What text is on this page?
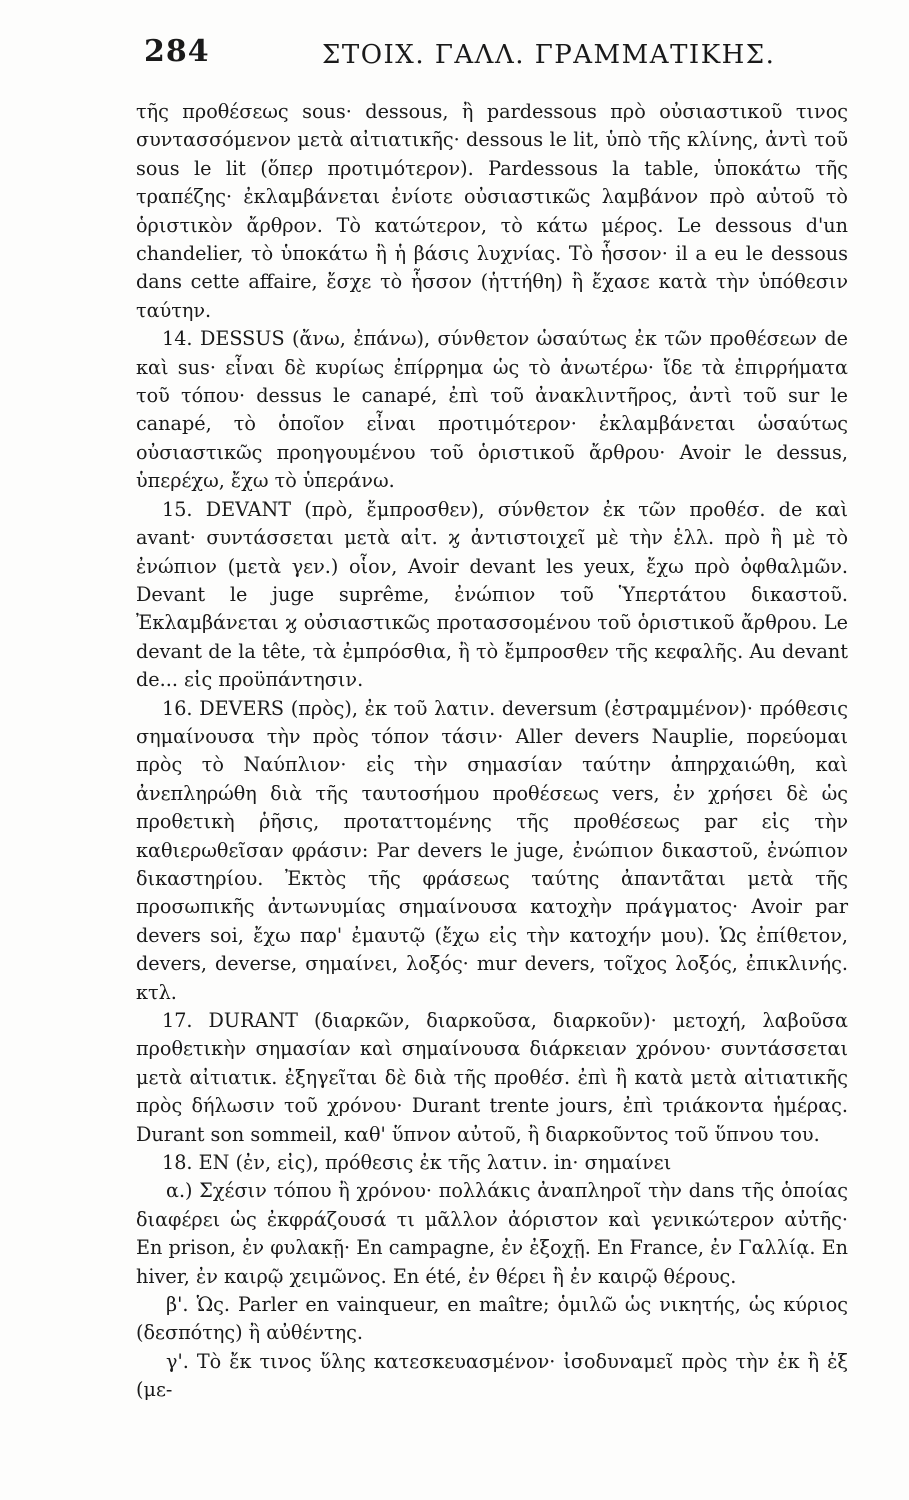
284	ΣΤΟΙΧ. ΓΑΛΛ. ΓΡΑΜΜΑΤΙΚΗΣ.

τῆς προθέσεως sous· dessous, ἢ pardessous πρὸ οὐσιαστικοῦ τινος συντασσόμενον μετὰ αἰτιατικῆς· dessous le lit, ὑπὸ τῆς κλίνης, ἀντὶ τοῦ sous le lit (ὅπερ προτιμότερον). Pardessous la table, ὑποκάτω τῆς τραπέζης· ἐκλαμβάνεται ἐνίοτε οὐσιαστικῶς λαμβάνον πρὸ αὐτοῦ τὸ ὁριστικὸν ἄρθρον. Τὸ κατώτερον, τὸ κάτω μέρος. Le dessous d'un chandelier, τὸ ὑποκάτω ἢ ἡ βάσις λυχνίας. Τὸ ἧσσον· il a eu le dessous dans cette affaire, ἔσχε τὸ ἧσσον (ἡττήθη) ἢ ἔχασε κατὰ τὴν ὑπόθεσιν ταύτην.

14. DESSUS (ἄνω, ἐπάνω), σύνθετον ὡσαύτως ἐκ τῶν προθέσεων de καὶ sus· εἶναι δὲ κυρίως ἐπίρρημα ὡς τὸ ἀνωτέρω· ἴδε τὰ ἐπιρρήματα τοῦ τόπου· dessus le canapé, ἐπὶ τοῦ ἀνακλιντῆρος, ἀντὶ τοῦ sur le canapé, τὸ ὁποῖον εἶναι προτιμότερον· ἐκλαμβάνεται ὡσαύτως οὐσιαστικῶς προηγουμένου τοῦ ὁριστικοῦ ἄρθρου· Avoir le dessus, ὑπερέχω, ἔχω τὸ ὑπεράνω.

15. DEVANT (πρὸ, ἔμπροσθεν), σύνθετον ἐκ τῶν προθέσ. de καὶ avant· συντάσσεται μετὰ αἰτ. ϗ ἀντιστοιχεῖ μὲ τὴν ἑλλ. πρὸ ἢ μὲ τὸ ἐνώπιον (μετὰ γεν.) οἷον, Avoir devant les yeux, ἔχω πρὸ ὀφθαλμῶν. Devant le juge suprême, ἐνώπιον τοῦ Ὑπερτάτου δικαστοῦ. Ἐκλαμβάνεται ϗ οὐσιαστικῶς προτασσομένου τοῦ ὁριστικοῦ ἄρθρου. Le devant de la tête, τὰ ἐμπρόσθια, ἢ τὸ ἔμπροσθεν τῆς κεφαλῆς. Au devant de... εἰς προϋπάντησιν.

16. DEVERS (πρὸς), ἐκ τοῦ λατιν. deversum (ἐστραμμένον)· πρόθεσις σημαίνουσα τὴν πρὸς τόπον τάσιν· Aller devers Nauplie, πορεύομαι πρὸς τὸ Ναύπλιον· εἰς τὴν σημασίαν ταύτην ἀπηρχαιώθη, καὶ ἀνεπληρώθη διὰ τῆς ταυτοσήμου προθέσεως vers, ἐν χρήσει δὲ ὡς προθετικὴ ῥῆσις, προταττομένης τῆς προθέσεως par εἰς τὴν καθιερωθεῖσαν φράσιν: Par devers le juge, ἐνώπιον δικαστοῦ, ἐνώπιον δικαστηρίου. Ἐκτὸς τῆς φράσεως ταύτης ἀπαντᾶται μετὰ τῆς προσωπικῆς ἀντωνυμίας σημαίνουσα κατοχὴν πράγματος· Avoir par devers soi, ἔχω παρ' ἐμαυτῷ (ἔχω εἰς τὴν κατοχήν μου). Ὡς ἐπίθετον, devers, deverse, σημαίνει, λοξός· mur devers, τοῖχος λοξός, ἐπικλινής. κτλ.

17. DURANT (διαρκῶν, διαρκοῦσα, διαρκοῦν)· μετοχή, λαβοῦσα προθετικὴν σημασίαν καὶ σημαίνουσα διάρκειαν χρόνου· συντάσσεται μετὰ αἰτιατικ. ἐξηγεῖται δὲ διὰ τῆς προθέσ. ἐπὶ ἢ κατὰ μετὰ αἰτιατικῆς πρὸς δήλωσιν τοῦ χρόνου· Durant trente jours, ἐπὶ τριάκοντα ἡμέρας. Durant son sommeil, καθ' ὕπνον αὐτοῦ, ἢ διαρκοῦντος τοῦ ὕπνου του.

18. EN (ἐν, εἰς), πρόθεσις ἐκ τῆς λατιν. in· σημαίνει

α.) Σχέσιν τόπου ἢ χρόνου· πολλάκις ἀναπληροῖ τὴν dans τῆς ὁποίας διαφέρει ὡς ἐκφράζουσά τι μᾶλλον ἀόριστον καὶ γενικώτερον αὐτῆς· En prison, ἐν φυλακῇ· En campagne, ἐν ἐξοχῇ. En France, ἐν Γαλλίᾳ. En hiver, ἐν καιρῷ χειμῶνος. En été, ἐν θέρει ἢ ἐν καιρῷ θέρους.

β'. Ὡς. Parler en vainqueur, en maître; ὁμιλῶ ὡς νικητής, ὡς κύριος (δεσπότης) ἢ αὐθέντης.

γ'. Τὸ ἔκ τινος ὕλης κατεσκευασμένον· ἰσοδυναμεῖ πρὸς τὴν ἐκ ἢ ἐξ (με-
